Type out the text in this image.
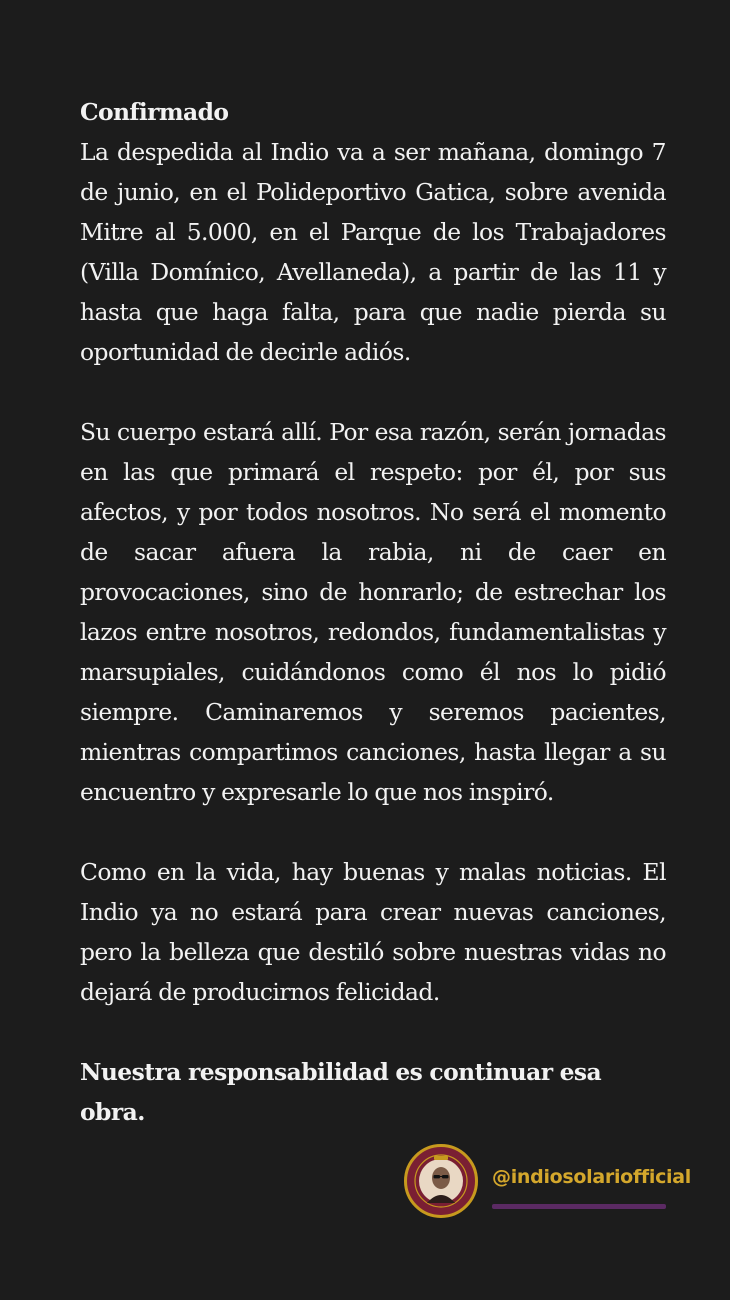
Confirmado

La despedida al Indio va a ser mañana, domingo 7 de junio, en el Polideportivo Gatica, sobre avenida Mitre al 5.000, en el Parque de los Trabajadores (Villa Domínico, Avellaneda), a partir de las 11 y hasta que haga falta, para que nadie pierda su oportunidad de decirle adiós.

Su cuerpo estará allí. Por esa razón, serán jornadas en las que primará el respeto: por él, por sus afectos, y por todos nosotros. No será el momento de sacar afuera la rabia, ni de caer en provocaciones, sino de honrarlo; de estrechar los lazos entre nosotros, redondos, fundamentalistas y marsupiales, cuidándonos como él nos lo pidió siempre. Caminaremos y seremos pacientes, mientras compartimos canciones, hasta llegar a su encuentro y expresarle lo que nos inspiró.

Como en la vida, hay buenas y malas noticias. El Indio ya no estará para crear nuevas canciones, pero la belleza que destiló sobre nuestras vidas no dejará de producirnos felicidad.

Nuestra responsabilidad es continuar esa obra.

@indiosolariofficial
